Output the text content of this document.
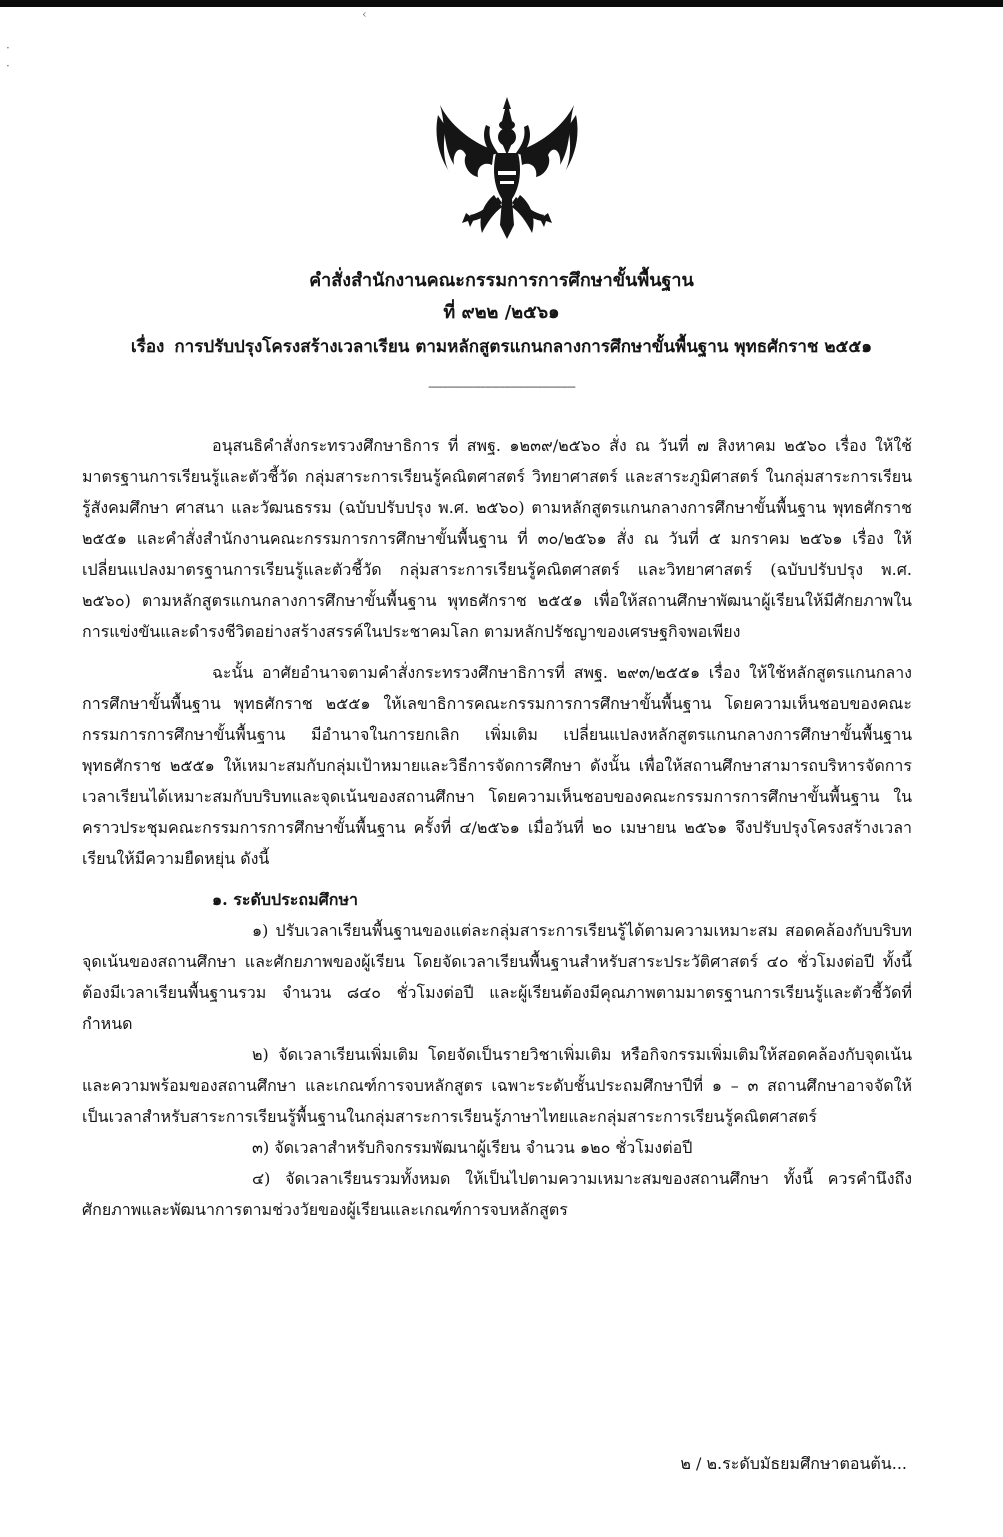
‹
·
·
คำสั่งสำนักงานคณะกรรมการการศึกษาขั้นพื้นฐาน
ที่ ๙๒๒ /๒๕๖๑
เรื่อง การปรับปรุงโครงสร้างเวลาเรียน ตามหลักสูตรแกนกลางการศึกษาขั้นพื้นฐาน พุทธศักราช ๒๕๕๑
------------------------------------------------------

อนุสนธิคำสั่งกระทรวงศึกษาธิการ ที่ สพฐ. ๑๒๓๙/๒๕๖๐ สั่ง ณ วันที่ ๗ สิงหาคม ๒๕๖๐ เรื่อง ให้ใช้มาตรฐานการเรียนรู้และตัวชี้วัด กลุ่มสาระการเรียนรู้คณิตศาสตร์ วิทยาศาสตร์ และสาระภูมิศาสตร์ ในกลุ่มสาระการเรียนรู้สังคมศึกษา ศาสนา และวัฒนธรรม (ฉบับปรับปรุง พ.ศ. ๒๕๖๐) ตามหลักสูตรแกนกลางการศึกษาขั้นพื้นฐาน พุทธศักราช ๒๕๕๑ และคำสั่งสำนักงานคณะกรรมการการศึกษาขั้นพื้นฐาน ที่ ๓๐/๒๕๖๑ สั่ง ณ วันที่ ๕ มกราคม ๒๕๖๑ เรื่อง ให้เปลี่ยนแปลงมาตรฐานการเรียนรู้และตัวชี้วัด กลุ่มสาระการเรียนรู้คณิตศาสตร์ และวิทยาศาสตร์ (ฉบับปรับปรุง พ.ศ. ๒๕๖๐) ตามหลักสูตรแกนกลางการศึกษาขั้นพื้นฐาน พุทธศักราช ๒๕๕๑ เพื่อให้สถานศึกษาพัฒนาผู้เรียนให้มีศักยภาพในการแข่งขันและดำรงชีวิตอย่างสร้างสรรค์ในประชาคมโลก ตามหลักปรัชญาของเศรษฐกิจพอเพียง

ฉะนั้น อาศัยอำนาจตามคำสั่งกระทรวงศึกษาธิการที่ สพฐ. ๒๙๓/๒๕๕๑ เรื่อง ให้ใช้หลักสูตรแกนกลางการศึกษาขั้นพื้นฐาน พุทธศักราช ๒๕๕๑ ให้เลขาธิการคณะกรรมการการศึกษาขั้นพื้นฐาน โดยความเห็นชอบของคณะกรรมการการศึกษาขั้นพื้นฐาน มีอำนาจในการยกเลิก เพิ่มเติม เปลี่ยนแปลงหลักสูตรแกนกลางการศึกษาขั้นพื้นฐาน พุทธศักราช ๒๕๕๑ ให้เหมาะสมกับกลุ่มเป้าหมายและวิธีการจัดการศึกษา ดังนั้น เพื่อให้สถานศึกษาสามารถบริหารจัดการเวลาเรียนได้เหมาะสมกับบริบทและจุดเน้นของสถานศึกษา โดยความเห็นชอบของคณะกรรมการการศึกษาขั้นพื้นฐาน ในคราวประชุมคณะกรรมการการศึกษาขั้นพื้นฐาน ครั้งที่ ๔/๒๕๖๑ เมื่อวันที่ ๒๐ เมษายน ๒๕๖๑ จึงปรับปรุงโครงสร้างเวลาเรียนให้มีความยืดหยุ่น ดังนี้

๑. ระดับประถมศึกษา

๑) ปรับเวลาเรียนพื้นฐานของแต่ละกลุ่มสาระการเรียนรู้ได้ตามความเหมาะสม สอดคล้องกับบริบท จุดเน้นของสถานศึกษา และศักยภาพของผู้เรียน โดยจัดเวลาเรียนพื้นฐานสำหรับสาระประวัติศาสตร์ ๔๐ ชั่วโมงต่อปี ทั้งนี้ ต้องมีเวลาเรียนพื้นฐานรวม จำนวน ๘๔๐ ชั่วโมงต่อปี และผู้เรียนต้องมีคุณภาพตามมาตรฐานการเรียนรู้และตัวชี้วัดที่กำหนด

๒) จัดเวลาเรียนเพิ่มเติม โดยจัดเป็นรายวิชาเพิ่มเติม หรือกิจกรรมเพิ่มเติมให้สอดคล้องกับจุดเน้นและความพร้อมของสถานศึกษา และเกณฑ์การจบหลักสูตร เฉพาะระดับชั้นประถมศึกษาปีที่ ๑ – ๓ สถานศึกษาอาจจัดให้เป็นเวลาสำหรับสาระการเรียนรู้พื้นฐานในกลุ่มสาระการเรียนรู้ภาษาไทยและกลุ่มสาระการเรียนรู้คณิตศาสตร์

๓) จัดเวลาสำหรับกิจกรรมพัฒนาผู้เรียน จำนวน ๑๒๐ ชั่วโมงต่อปี

๔) จัดเวลาเรียนรวมทั้งหมด ให้เป็นไปตามความเหมาะสมของสถานศึกษา ทั้งนี้ ควรคำนึงถึงศักยภาพและพัฒนาการตามช่วงวัยของผู้เรียนและเกณฑ์การจบหลักสูตร

๒ / ๒.ระดับมัธยมศึกษาตอนต้น...
